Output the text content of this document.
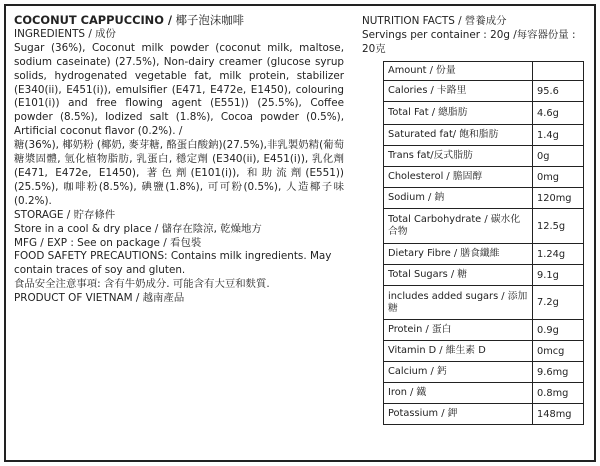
COCONUT CAPPUCCINO / 椰子泡沫咖啡

INGREDIENTS / 成份

Sugar (36%), Coconut milk powder (coconut milk, maltose, sodium caseinate) (27.5%), Non-dairy creamer (glucose syrup solids, hydrogenated vegetable fat, milk protein, stabilizer (E340(ii), E451(i)), emulsifier (E471, E472e, E1450), colouring (E101(i)) and free flowing agent (E551)) (25.5%), Coffee powder (8.5%), Iodized salt (1.8%), Cocoa powder (0.5%), Artificial coconut flavor (0.2%). /

糖(36%), 椰奶粉 (椰奶, 麥芽糖, 酪蛋白酸鈉)(27.5%),非乳製奶精(葡萄糖漿固體, 氫化植物脂肪, 乳蛋白, 穩定劑 (E340(ii), E451(i)), 乳化劑 (E471, E472e, E1450), 著色劑(E101(i)), 和助流劑(E551)) (25.5%), 咖啡粉(8.5%), 碘鹽(1.8%), 可可粉(0.5%), 人造椰子味(0.2%).

STORAGE / 貯存條件

Store in a cool & dry place / 儲存在陰涼, 乾燥地方

MFG / EXP : See on package / 看包裝

FOOD SAFETY PRECAUTIONS: Contains milk ingredients. May contain traces of soy and gluten.

食品安全注意事項: 含有牛奶成分. 可能含有大豆和麩質.

PRODUCT OF VIETNAM / 越南產品

NUTRITION FACTS / 營養成分
Servings per container : 20g /每容器份量 : 20克
Amount / 份量	
Calories / 卡路里	95.6
Total Fat / 總脂肪	4.6g
Saturated fat/ 飽和脂肪	1.4g
Trans fat/反式脂肪	0g
Cholesterol / 膽固醇	0mg
Sodium / 鈉	120mg
Total Carbohydrate / 碳水化合物	12.5g
Dietary Fibre / 膳食纖維	1.24g
Total Sugars / 糖	9.1g
includes added sugars / 添加糖	7.2g
Protein / 蛋白	0.9g
Vitamin D / 維生素 D	0mcg
Calcium / 鈣	9.6mg
Iron / 鐵	0.8mg
Potassium / 鉀	148mg
